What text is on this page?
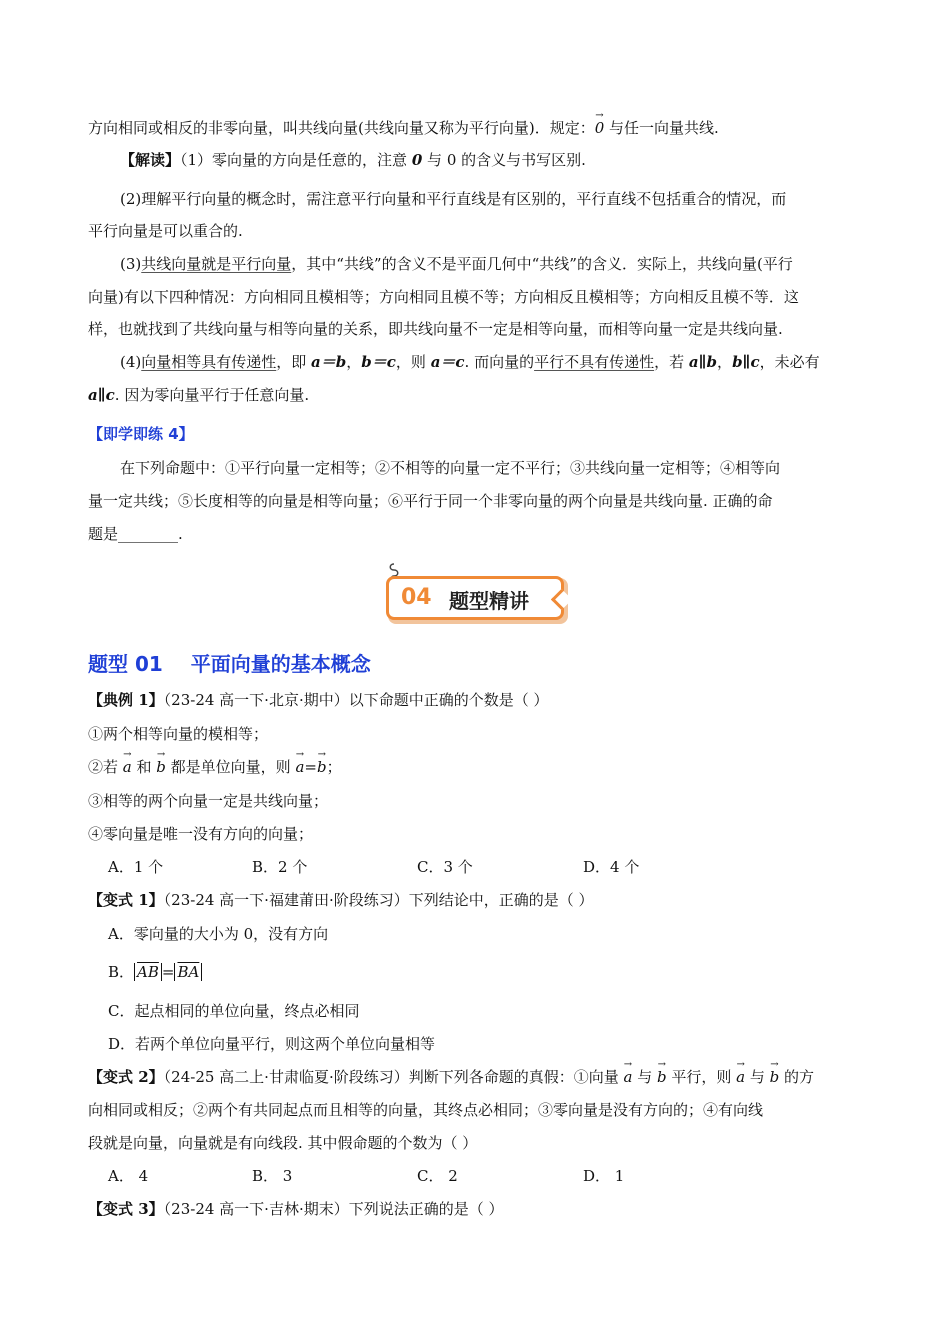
方向相同或相反的非零向量，叫共线向量(共线向量又称为平行向量)．规定：→ 0 与任一向量共线.
【解读】（1）零向量的方向是任意的，注意 0 与 0 的含义与书写区别.
(2)理解平行向量的概念时，需注意平行向量和平行直线是有区别的，平行直线不包括重合的情况，而
平行向量是可以重合的.
(3)共线向量就是平行向量，其中“共线”的含义不是平面几何中“共线”的含义．实际上，共线向量(平行
向量)有以下四种情况：方向相同且模相等；方向相同且模不等；方向相反且模相等；方向相反且模不等．这
样，也就找到了共线向量与相等向量的关系，即共线向量不一定是相等向量，而相等向量一定是共线向量.
(4)向量相等具有传递性，即 a＝b，b＝c，则 a＝c. 而向量的平行不具有传递性，若 a∥b，b∥c，未必有
a∥c. 因为零向量平行于任意向量.
【即学即练 4】
在下列命题中：①平行向量一定相等；②不相等的向量一定不平行；③共线向量一定相等；④相等向
量一定共线；⑤长度相等的向量是相等向量；⑥平行于同一个非零向量的两个向量是共线向量. 正确的命
题是________.
04 题型精讲
题型 01 平面向量的基本概念
【典例 1】（23-24 高一下·北京·期中）以下命题中正确的个数是（ ）
①两个相等向量的模相等；
②若 → a 和 → b 都是单位向量，则 → a=→ b；
③相等的两个向量一定是共线向量；
④零向量是唯一没有方向的向量；
A．1 个	B．2 个	C．3 个	D．4 个
【变式 1】（23-24 高一下·福建莆田·阶段练习）下列结论中，正确的是（ ）
A．零向量的大小为 0，没有方向
B． $\overline{AB} = \overline{BA}$
C．起点相同的单位向量，终点必相同
D．若两个单位向量平行，则这两个单位向量相等
【变式 2】（24-25 高二上·甘肃临夏·阶段练习）判断下列各命题的真假：①向量 → a 与 → b 平行，则 → a 与 → b 的方
向相同或相反；②两个有共同起点而且相等的向量，其终点必相同；③零向量是没有方向的；④有向线
段就是向量，向量就是有向线段. 其中假命题的个数为（ ）
A． 4	B． 3	C． 2	D． 1
【变式 3】（23-24 高一下·吉林·期末）下列说法正确的是（ ）
